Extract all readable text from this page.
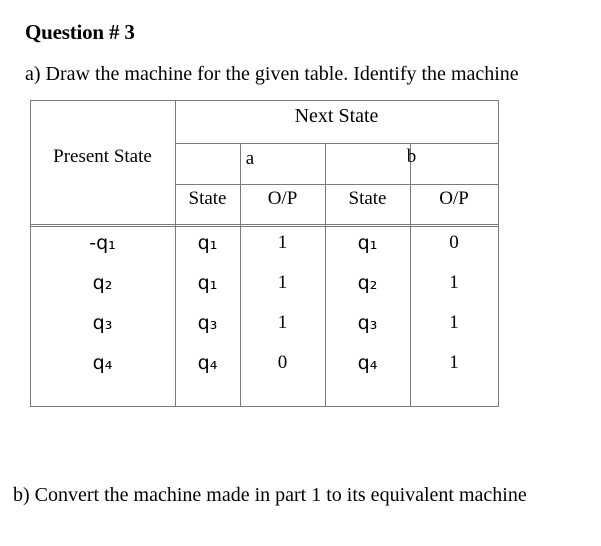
Question # 3
a) Draw the machine for the given table. Identify the machine
Next State
Present State	a	b
State	O/P	State	O/P
-q₁	q₁	1	q₁	0
q₂	q₁	1	q₂	1
q₃	q₃	1	q₃	1
q₄	q₄	0	q₄	1
b) Convert the machine made in part 1 to its equivalent machine
